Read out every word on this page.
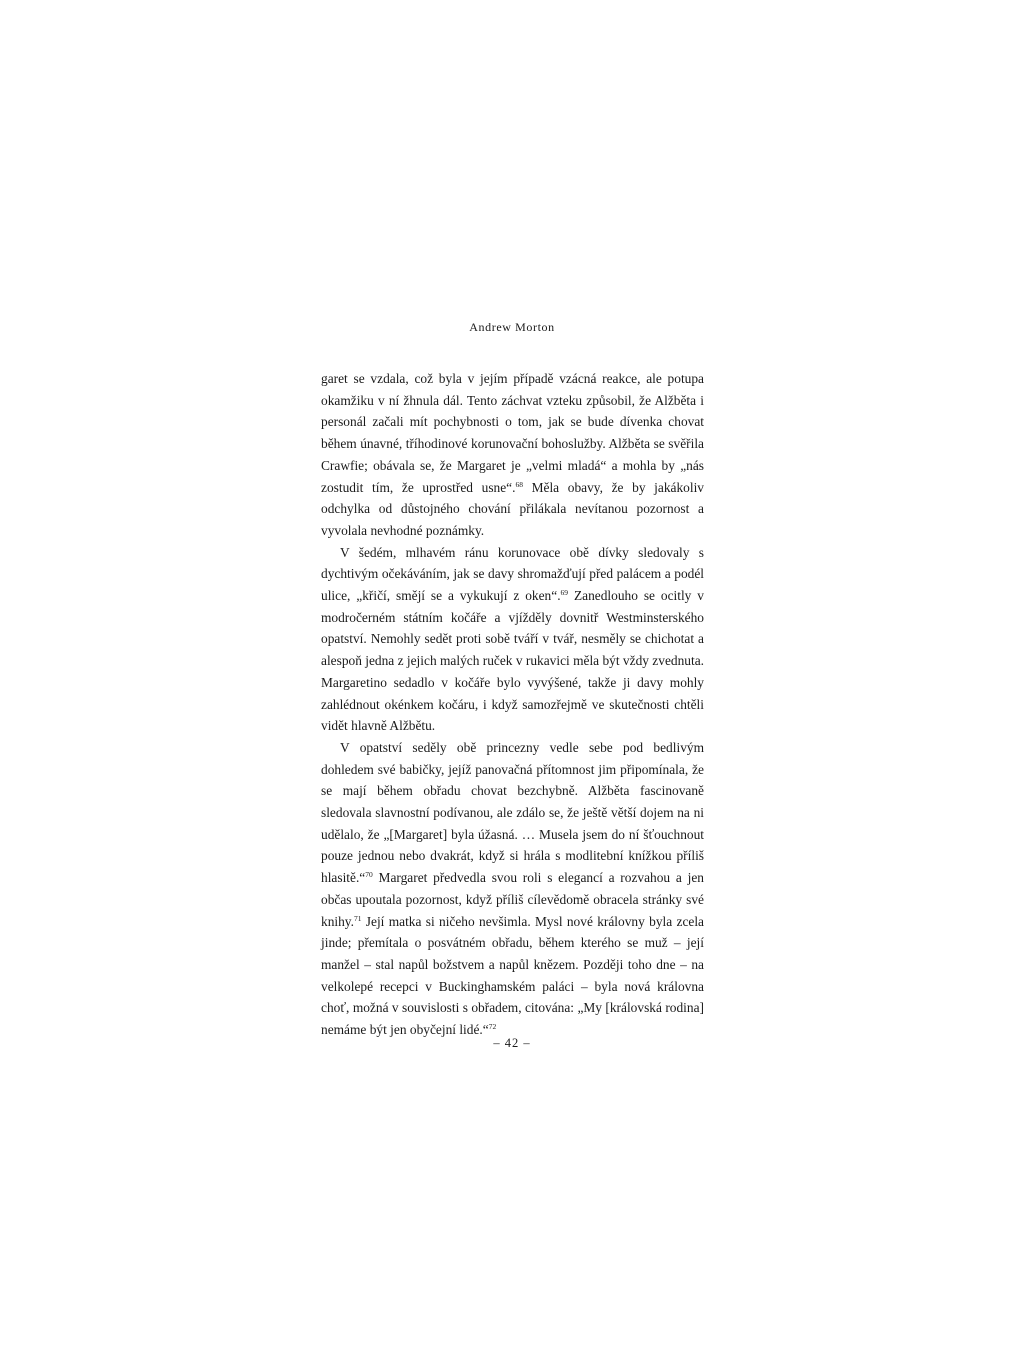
Andrew Morton

garet se vzdala, což byla v jejím případě vzácná reakce, ale potupa okamžiku v ní žhnula dál. Tento záchvat vzteku způsobil, že Alžběta i personál začali mít pochybnosti o tom, jak se bude dívenka chovat během únavné, tříhodinové korunovační bohoslužby. Alžběta se svěřila Crawfie; obávala se, že Margaret je „velmi mladá“ a mohla by „nás zostudit tím, že uprostřed usne“.$^{68}$ Měla obavy, že by jakákoliv odchylka od důstojného chování přilákala nevítanou pozornost a vyvolala nevhodné poznámky.

V šedém, mlhavém ránu korunovace obě dívky sledovaly s dychtivým očekáváním, jak se davy shromažďují před palácem a podél ulice, „křičí, smějí se a vykukují z oken“.$^{69}$ Zanedlouho se ocitly v modročerném státním kočáře a vjížděly dovnitř Westminsterského opatství. Nemohly sedět proti sobě tváří v tvář, nesměly se chichotat a alespoň jedna z jejich malých ruček v rukavici měla být vždy zvednuta. Margaretino sedadlo v kočáře bylo vyvýšené, takže ji davy mohly zahlédnout okénkem kočáru, i když samozřejmě ve skutečnosti chtěli vidět hlavně Alžbětu.

V opatství seděly obě princezny vedle sebe pod bedlivým dohledem své babičky, jejíž panovačná přítomnost jim připomínala, že se mají během obřadu chovat bezchybně. Alžběta fascinovaně sledovala slavnostní podívanou, ale zdálo se, že ještě větší dojem na ni udělalo, že „[Margaret] byla úžasná. … Musela jsem do ní šťouchnout pouze jednou nebo dvakrát, když si hrála s modlitební knížkou příliš hlasitě.“$^{70}$ Margaret předvedla svou roli s elegancí a rozvahou a jen občas upoutala pozornost, když příliš cílevědomě obracela stránky své knihy.$^{71}$ Její matka si ničeho nevšimla. Mysl nové královny byla zcela jinde; přemítala o posvátném obřadu, během kterého se muž – její manžel – stal napůl božstvem a napůl knězem. Později toho dne – na velkolepé recepci v Buckinghamském paláci – byla nová královna choť, možná v souvislosti s obřadem, citována: „My [královská rodina] nemáme být jen obyčejní lidé.“$^{72}$

– 42 –
